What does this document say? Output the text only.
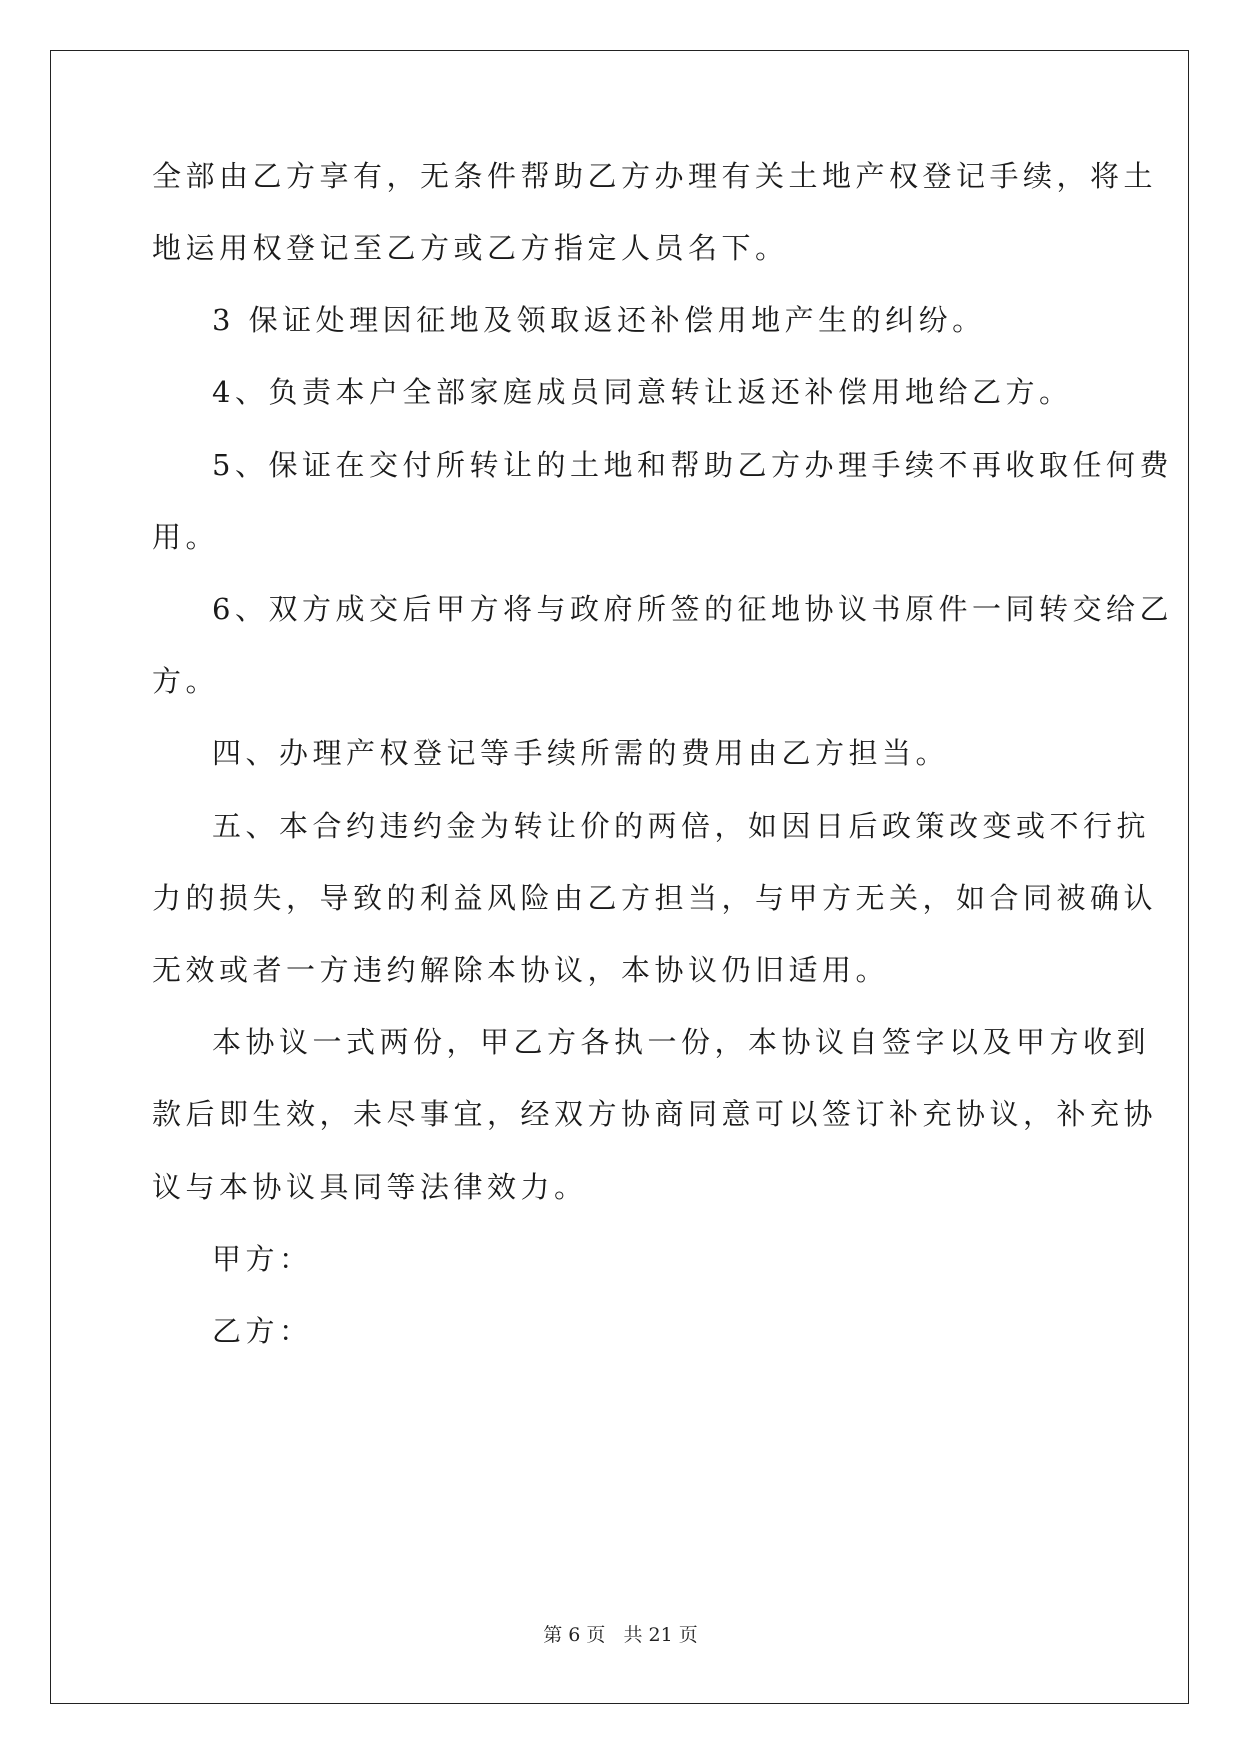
全部由乙方享有，无条件帮助乙方办理有关土地产权登记手续，将土
地运用权登记至乙方或乙方指定人员名下。
3 保证处理因征地及领取返还补偿用地产生的纠纷。
4、负责本户全部家庭成员同意转让返还补偿用地给乙方。
5、保证在交付所转让的土地和帮助乙方办理手续不再收取任何费
用。
6、双方成交后甲方将与政府所签的征地协议书原件一同转交给乙
方。
四、办理产权登记等手续所需的费用由乙方担当。
五、本合约违约金为转让价的两倍，如因日后政策改变或不行抗
力的损失，导致的利益风险由乙方担当，与甲方无关，如合同被确认
无效或者一方违约解除本协议，本协议仍旧适用。
本协议一式两份，甲乙方各执一份，本协议自签字以及甲方收到
款后即生效，未尽事宜，经双方协商同意可以签订补充协议，补充协
议与本协议具同等法律效力。
甲方：
乙方：
第 6 页 共 21 页
